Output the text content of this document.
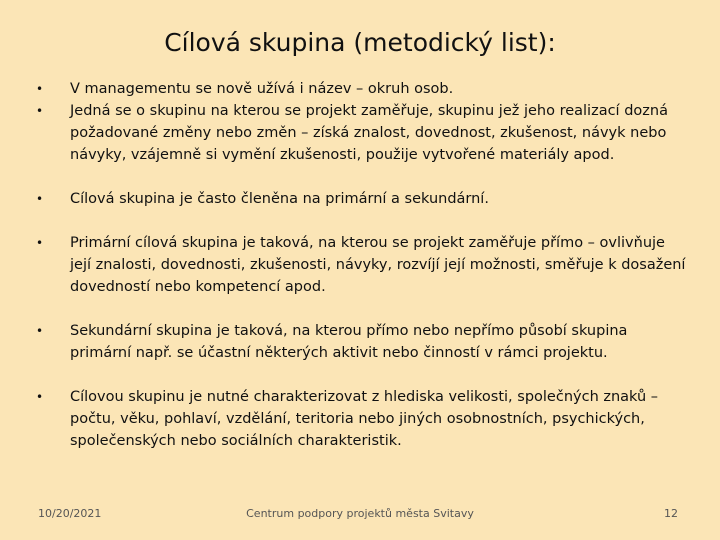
Cílová skupina (metodický list):
• V managementu se nově užívá i název – okruh osob.
• Jedná se o skupinu na kterou se projekt zaměřuje, skupinu jež jeho realizací dozná požadované změny nebo změn – získá znalost, dovednost, zkušenost, návyk nebo návyky, vzájemně si vymění zkušenosti, použije vytvořené materiály apod.
• Cílová skupina je často členěna na primární a sekundární.
• Primární cílová skupina je taková, na kterou se projekt zaměřuje přímo – ovlivňuje její znalosti, dovednosti, zkušenosti, návyky, rozvíjí její možnosti, směřuje k dosažení dovedností nebo kompetencí apod.
• Sekundární skupina je taková, na kterou přímo nebo nepřímo působí skupina primární např. se účastní některých aktivit nebo činností v rámci projektu.
• Cílovou skupinu je nutné charakterizovat z hlediska velikosti, společných znaků – počtu, věku, pohlaví, vzdělání, teritoria nebo jiných osobnostních, psychických, společenských nebo sociálních charakteristik.
Centrum podpory projektů města Svitavy
10/20/2021	12
